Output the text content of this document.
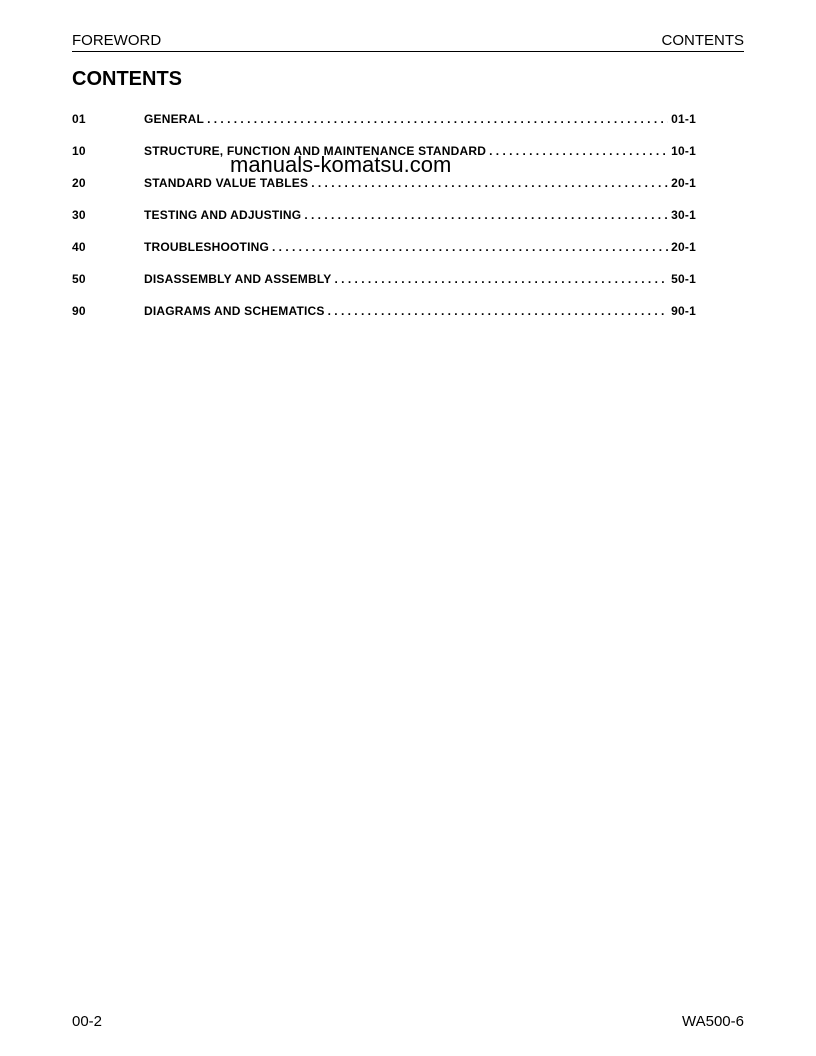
FOREWORD	CONTENTS
CONTENTS
01	GENERAL . . .	01-1
10	STRUCTURE, FUNCTION AND MAINTENANCE STANDARD . . .	10-1
20	STANDARD VALUE TABLES . . .	20-1
30	TESTING AND ADJUSTING . . .	30-1
40	TROUBLESHOOTING . . .	20-1
50	DISASSEMBLY AND ASSEMBLY . . .	50-1
90	DIAGRAMS AND SCHEMATICS . . .	90-1
manuals-komatsu.com
00-2	WA500-6
